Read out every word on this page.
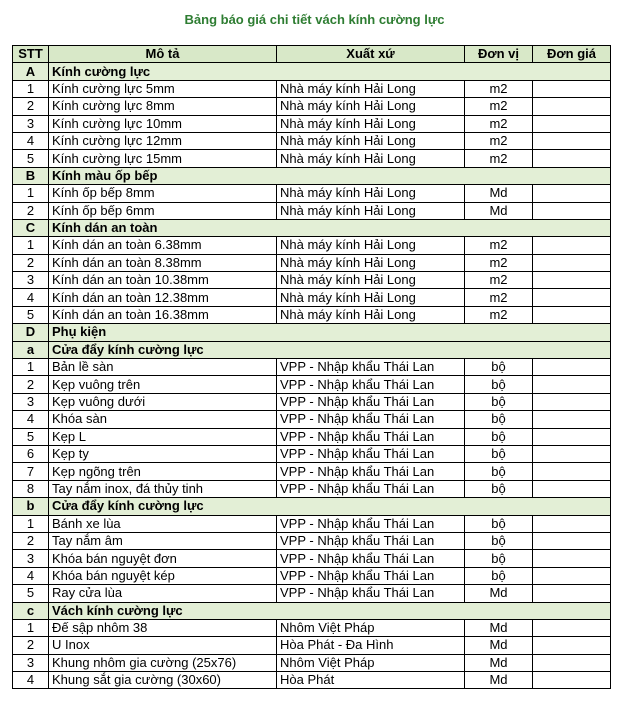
Bảng báo giá chi tiết vách kính cường lực
STT	Mô tả	Xuất xứ	Đơn vị	Đơn giá
A	Kính cường lực			
1	Kính cường lực 5mm	Nhà máy kính Hải Long	m2	
2	Kính cường lực 8mm	Nhà máy kính Hải Long	m2	
3	Kính cường lực 10mm	Nhà máy kính Hải Long	m2	
4	Kính cường lực 12mm	Nhà máy kính Hải Long	m2	
5	Kính cường lực 15mm	Nhà máy kính Hải Long	m2	
B	Kính màu ốp bếp			
1	Kính ốp bếp 8mm	Nhà máy kính Hải Long	Md	
2	Kính ốp bếp 6mm	Nhà máy kính Hải Long	Md	
C	Kính dán an toàn			
1	Kính dán an toàn 6.38mm	Nhà máy kính Hải Long	m2	
2	Kính dán an toàn 8.38mm	Nhà máy kính Hải Long	m2	
3	Kính dán an toàn 10.38mm	Nhà máy kính Hải Long	m2	
4	Kính dán an toàn 12.38mm	Nhà máy kính Hải Long	m2	
5	Kính dán an toàn 16.38mm	Nhà máy kính Hải Long	m2	
D	Phụ kiện			
a	Cửa đẩy kính cường lực			
1	Bản lề sàn	VPP - Nhập khẩu Thái Lan	bộ	
2	Kẹp vuông trên	VPP - Nhập khẩu Thái Lan	bộ	
3	Kẹp vuông dưới	VPP - Nhập khẩu Thái Lan	bộ	
4	Khóa sàn	VPP - Nhập khẩu Thái Lan	bộ	
5	Kẹp L	VPP - Nhập khẩu Thái Lan	bộ	
6	Kẹp ty	VPP - Nhập khẩu Thái Lan	bộ	
7	Kẹp ngõng trên	VPP - Nhập khẩu Thái Lan	bộ	
8	Tay nắm inox, đá thủy tinh	VPP - Nhập khẩu Thái Lan	bộ	
b	Cửa đẩy kính cường lực			
1	Bánh xe lùa	VPP - Nhập khẩu Thái Lan	bộ	
2	Tay nắm âm	VPP - Nhập khẩu Thái Lan	bộ	
3	Khóa bán nguyệt đơn	VPP - Nhập khẩu Thái Lan	bộ	
4	Khóa bán nguyệt kép	VPP - Nhập khẩu Thái Lan	bộ	
5	Ray cửa lùa	VPP - Nhập khẩu Thái Lan	Md	
c	Vách kính cường lực			
1	Đế sập nhôm 38	Nhôm Việt Pháp	Md	
2	U Inox	Hòa Phát - Đa Hình	Md	
3	Khung nhôm gia cường (25x76)	Nhôm Việt Pháp	Md	
4	Khung sắt gia cường (30x60)	Hòa Phát	Md	
